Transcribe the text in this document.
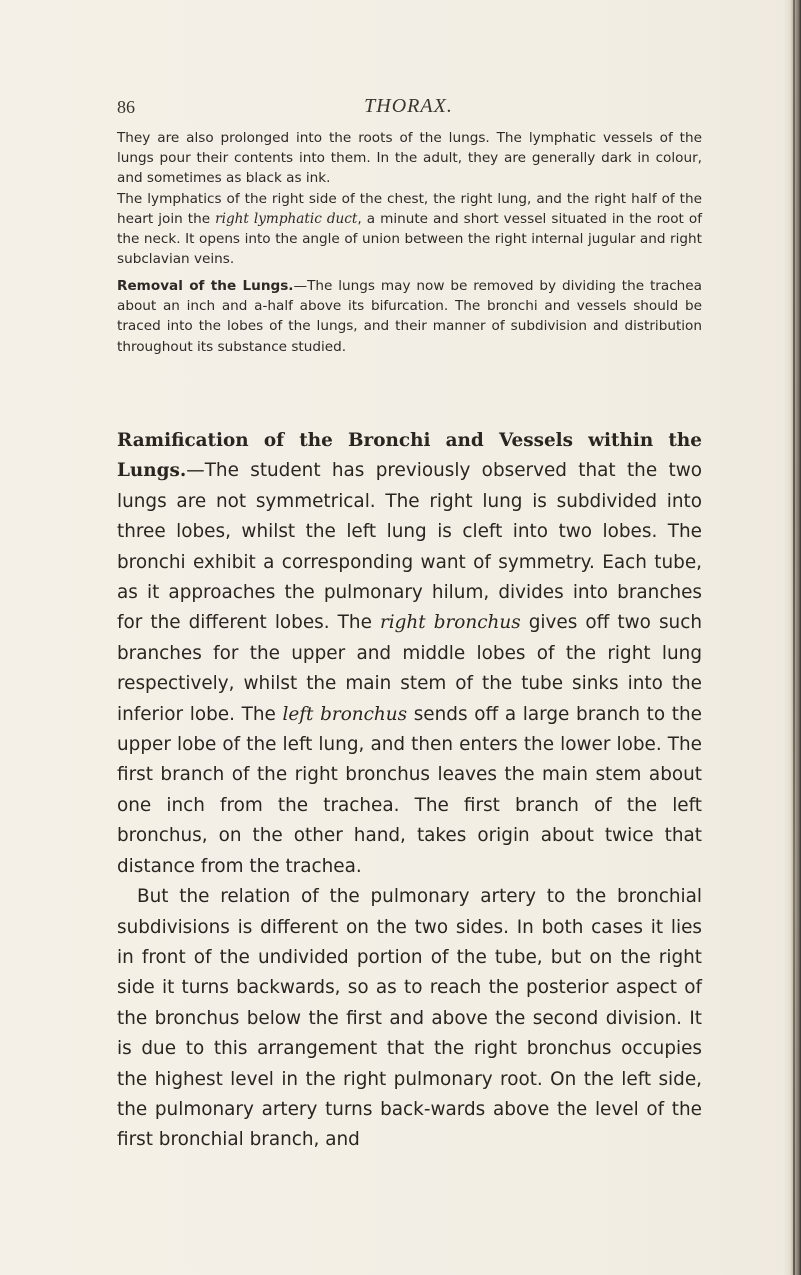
86	THORAX.

They are also prolonged into the roots of the lungs. The lymphatic vessels of the lungs pour their contents into them. In the adult, they are generally dark in colour, and sometimes as black as ink.

The lymphatics of the right side of the chest, the right lung, and the right half of the heart join the right lymphatic duct, a minute and short vessel situated in the root of the neck. It opens into the angle of union between the right internal jugular and right subclavian veins.

Removal of the Lungs.—The lungs may now be removed by dividing the trachea about an inch and a-half above its bifurcation. The bronchi and vessels should be traced into the lobes of the lungs, and their manner of subdivision and distribution throughout its substance studied.

Ramification of the Bronchi and Vessels within the Lungs.—The student has previously observed that the two lungs are not symmetrical. The right lung is subdivided into three lobes, whilst the left lung is cleft into two lobes. The bronchi exhibit a corresponding want of symmetry. Each tube, as it approaches the pulmonary hilum, divides into branches for the different lobes. The right bronchus gives off two such branches for the upper and middle lobes of the right lung respectively, whilst the main stem of the tube sinks into the inferior lobe. The left bronchus sends off a large branch to the upper lobe of the left lung, and then enters the lower lobe. The first branch of the right bronchus leaves the main stem about one inch from the trachea. The first branch of the left bronchus, on the other hand, takes origin about twice that distance from the trachea.

But the relation of the pulmonary artery to the bronchial subdivisions is different on the two sides. In both cases it lies in front of the undivided portion of the tube, but on the right side it turns backwards, so as to reach the posterior aspect of the bronchus below the first and above the second division. It is due to this arrangement that the right bronchus occupies the highest level in the right pulmonary root. On the left side, the pulmonary artery turns back-wards above the level of the first bronchial branch, and
